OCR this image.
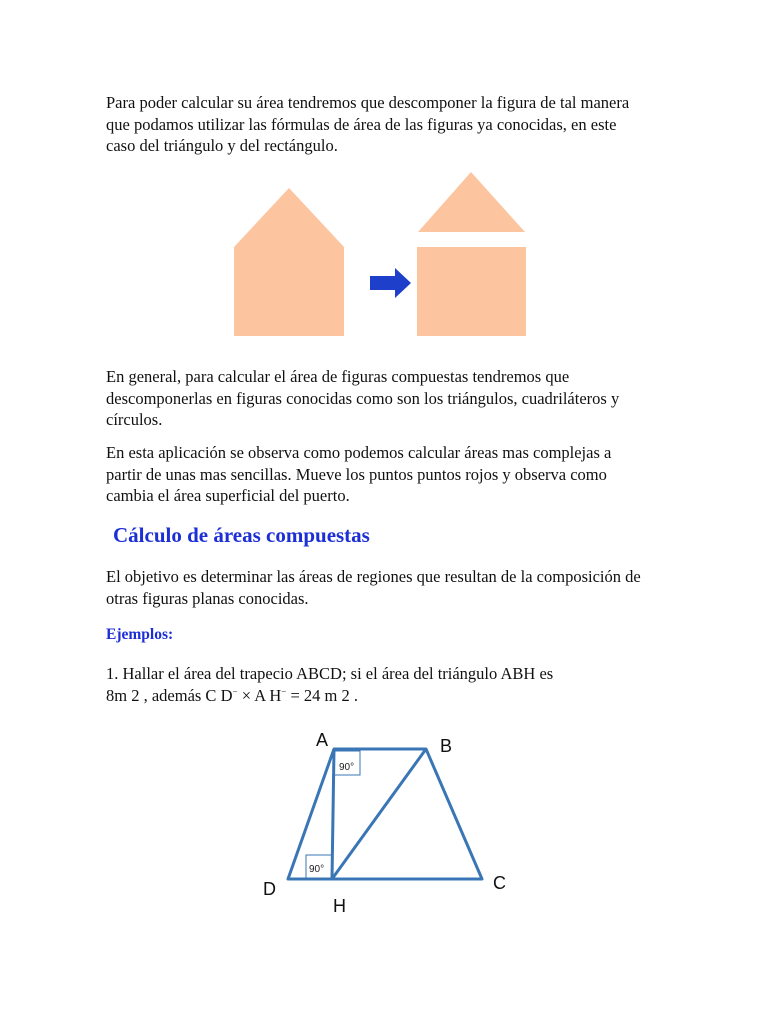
Para poder calcular su área tendremos que descomponer la figura de tal manera
que podamos utilizar las fórmulas de área de las figuras ya conocidas, en este
caso del triángulo y del rectángulo.

En general, para calcular el área de figuras compuestas tendremos que
descomponerlas en figuras conocidas como son los triángulos, cuadriláteros y
círculos.

En esta aplicación se observa como podemos calcular áreas mas complejas a
partir de unas mas sencillas. Mueve los puntos puntos rojos y observa como
cambia el área superficial del puerto.

Cálculo de áreas compuestas

El objetivo es determinar las áreas de regiones que resultan de la composición de
otras figuras planas conocidas.

Ejemplos:

1. Hallar el área del trapecio ABCD; si el área del triángulo ABH es
8m 2 , además C D− × A H− = 24 m 2 .

90°
90°
A	B
C
D
H
